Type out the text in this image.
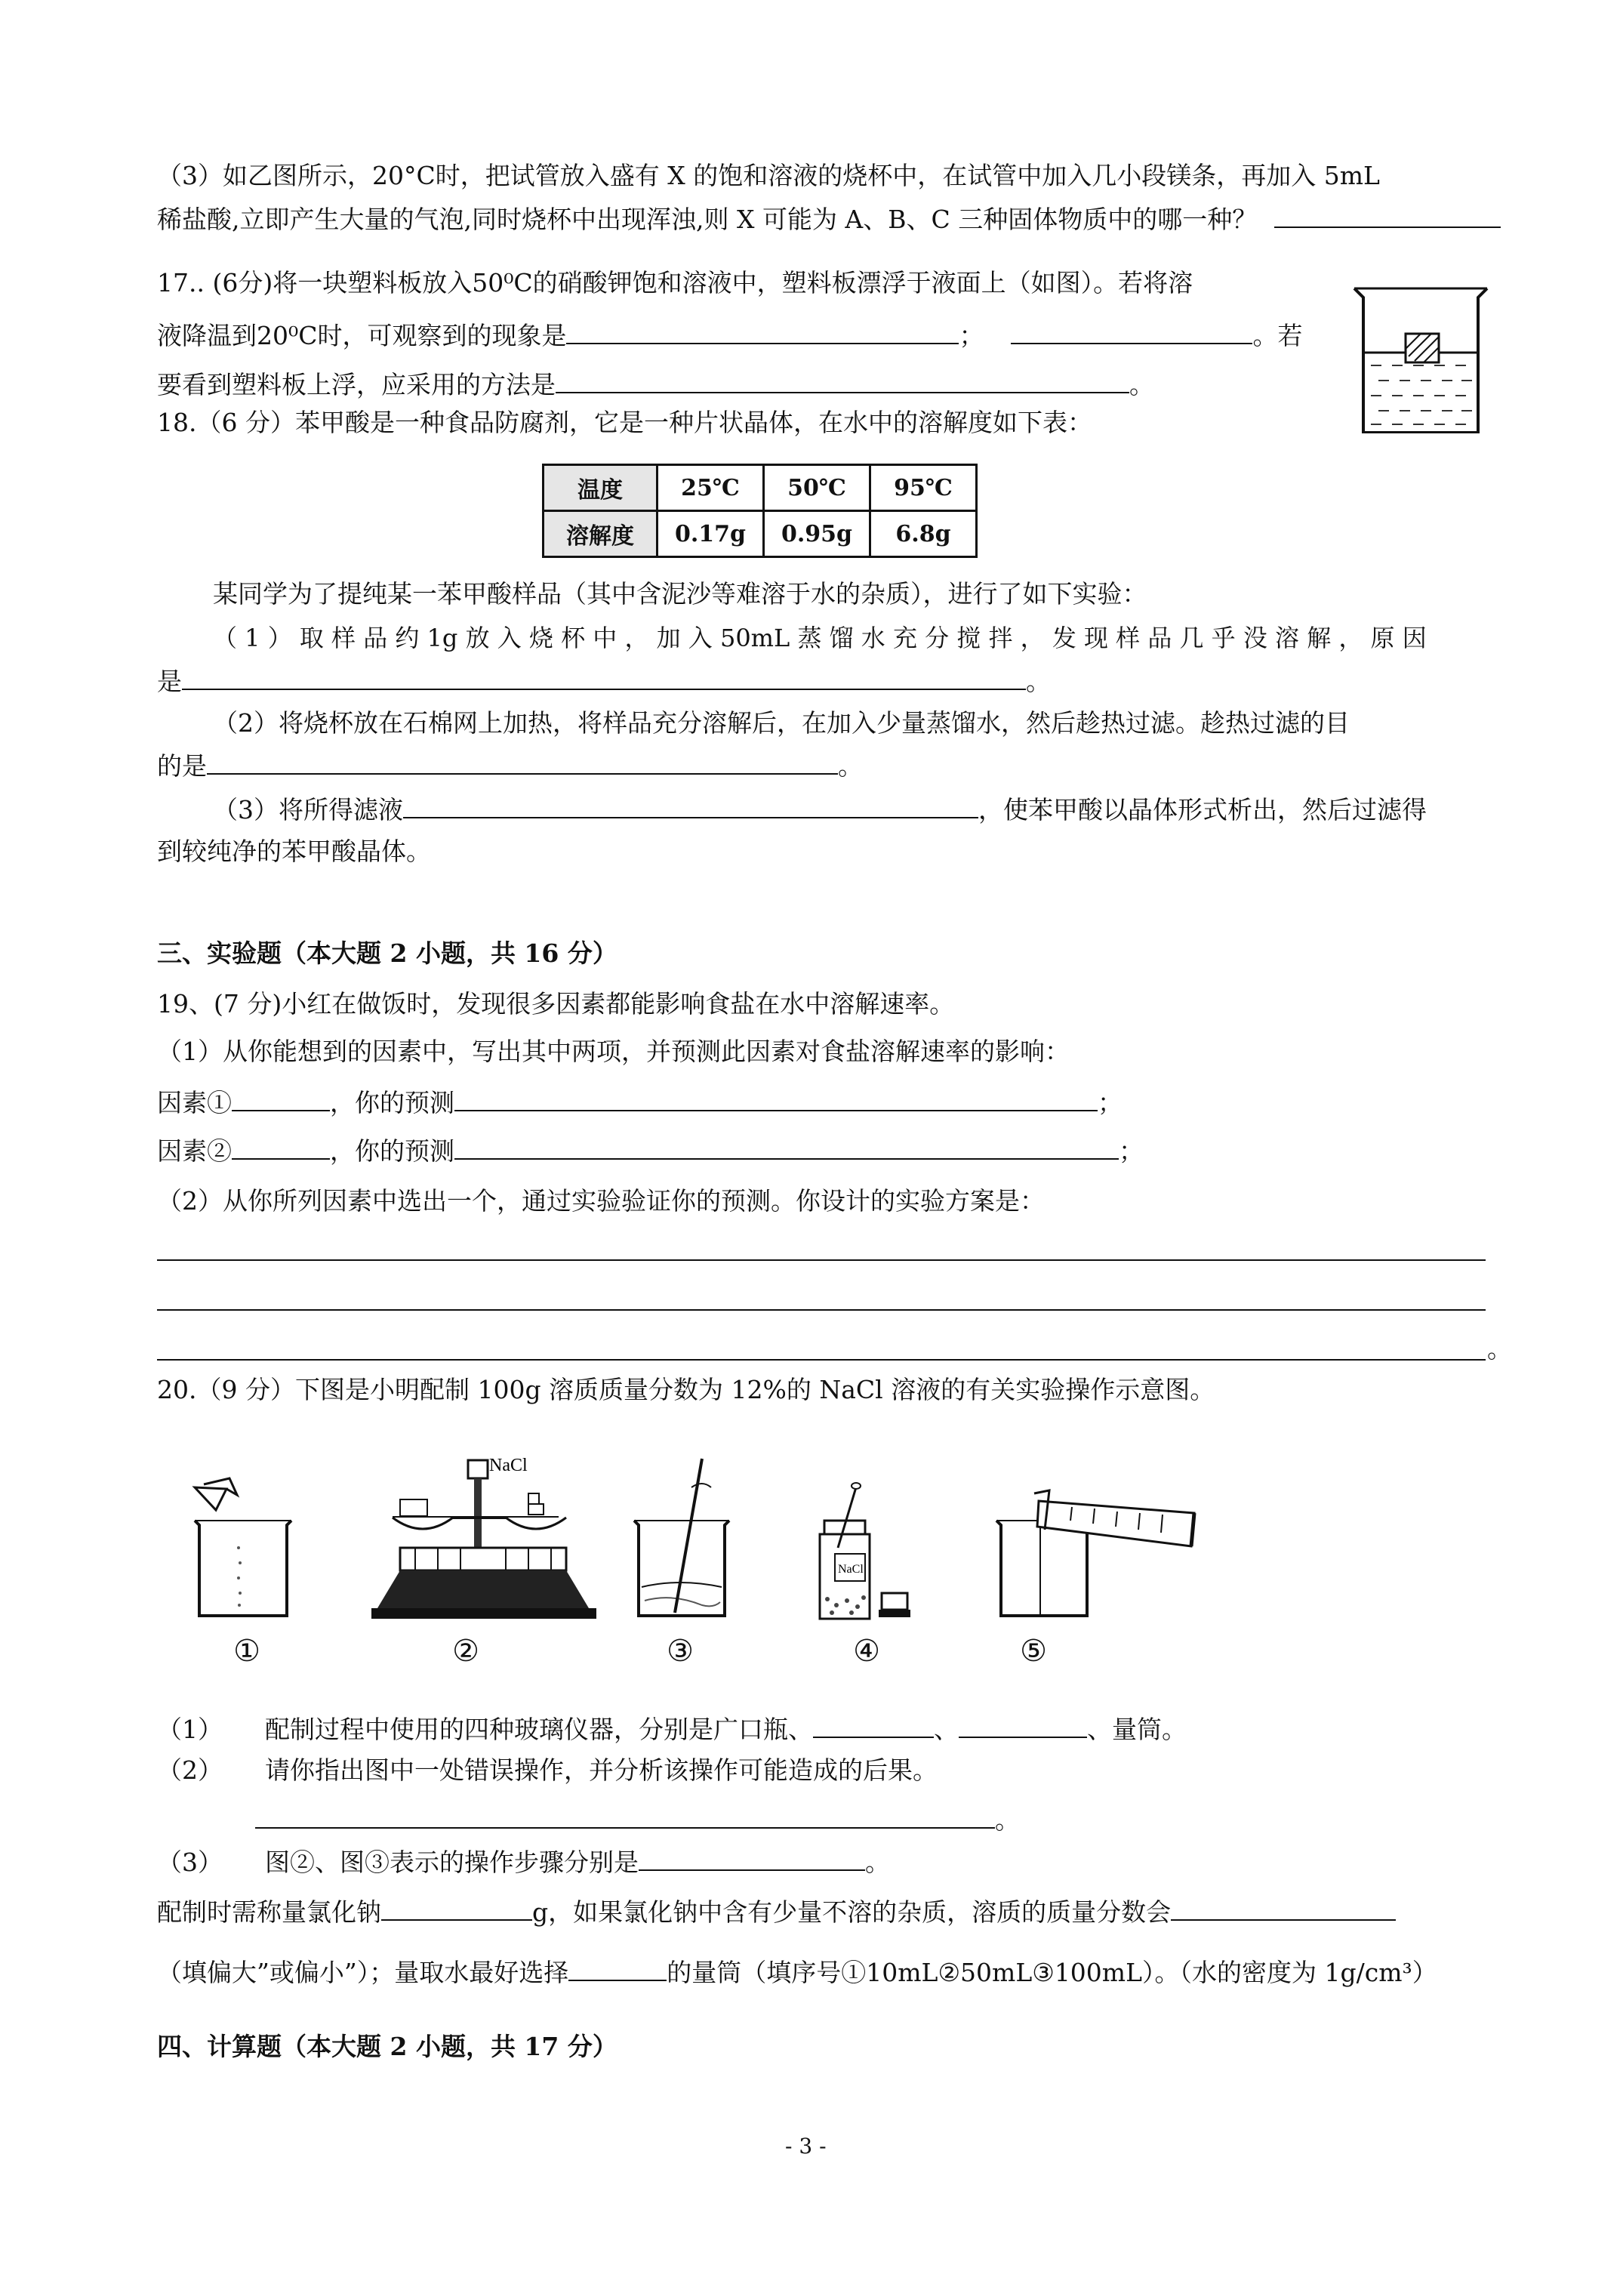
（3）如乙图所示，20°C时，把试管放入盛有 X 的饱和溶液的烧杯中，在试管中加入几小段镁条，再加入 5mL
稀盐酸,立即产生大量的气泡,同时烧杯中出现浑浊,则 X 可能为 A、B、C 三种固体物质中的哪一种？
17.. (6分)将一块塑料板放入50⁰C的硝酸钾饱和溶液中，塑料板漂浮于液面上（如图）。若将溶
液降温到20⁰C时，可观察到的现象是	；	。若
要看到塑料板上浮，应采用的方法是	。
18.（6 分）苯甲酸是一种食品防腐剂，它是一种片状晶体，在水中的溶解度如下表：
温度	25℃	50℃	95℃
溶解度	0.17g	0.95g	6.8g
某同学为了提纯某一苯甲酸样品（其中含泥沙等难溶于水的杂质），进行了如下实验：
（ 1 ） 取 样 品 约 1g 放 入 烧 杯 中 ， 加 入 50mL 蒸 馏 水 充 分 搅 拌 ， 发 现 样 品 几 乎 没 溶 解 ， 原 因
是	。
（2）将烧杯放在石棉网上加热，将样品充分溶解后，在加入少量蒸馏水，然后趁热过滤。趁热过滤的目
的是	。
（3）将所得滤液	，使苯甲酸以晶体形式析出，然后过滤得
到较纯净的苯甲酸晶体。
三、实验题（本大题 2 小题，共 16 分）
19、(7 分)小红在做饭时，发现很多因素都能影响食盐在水中溶解速率。
（1）从你能想到的因素中，写出其中两项，并预测此因素对食盐溶解速率的影响：
因素①	，你的预测	；
因素②	，你的预测	；
（2）从你所列因素中选出一个，通过实验验证你的预测。你设计的实验方案是：
。
20.（9 分）下图是小明配制 100g 溶质质量分数为 12%的 NaCl 溶液的有关实验操作示意图。
NaCl
NaCl
①	②	③	④	⑤
（1） 配制过程中使用的四种玻璃仪器，分别是广口瓶、	、	、量筒。
（2） 请你指出图中一处错误操作，并分析该操作可能造成的后果。
。
（3） 图②、图③表示的操作步骤分别是	。
配制时需称量氯化钠	g，如果氯化钠中含有少量不溶的杂质，溶质的质量分数会
（填偏大”或偏小”）；量取水最好选择	的量筒（填序号①10mL②50mL③100mL）。（水的密度为 1g/cm³）
四、计算题（本大题 2 小题，共 17 分）
- 3 -
